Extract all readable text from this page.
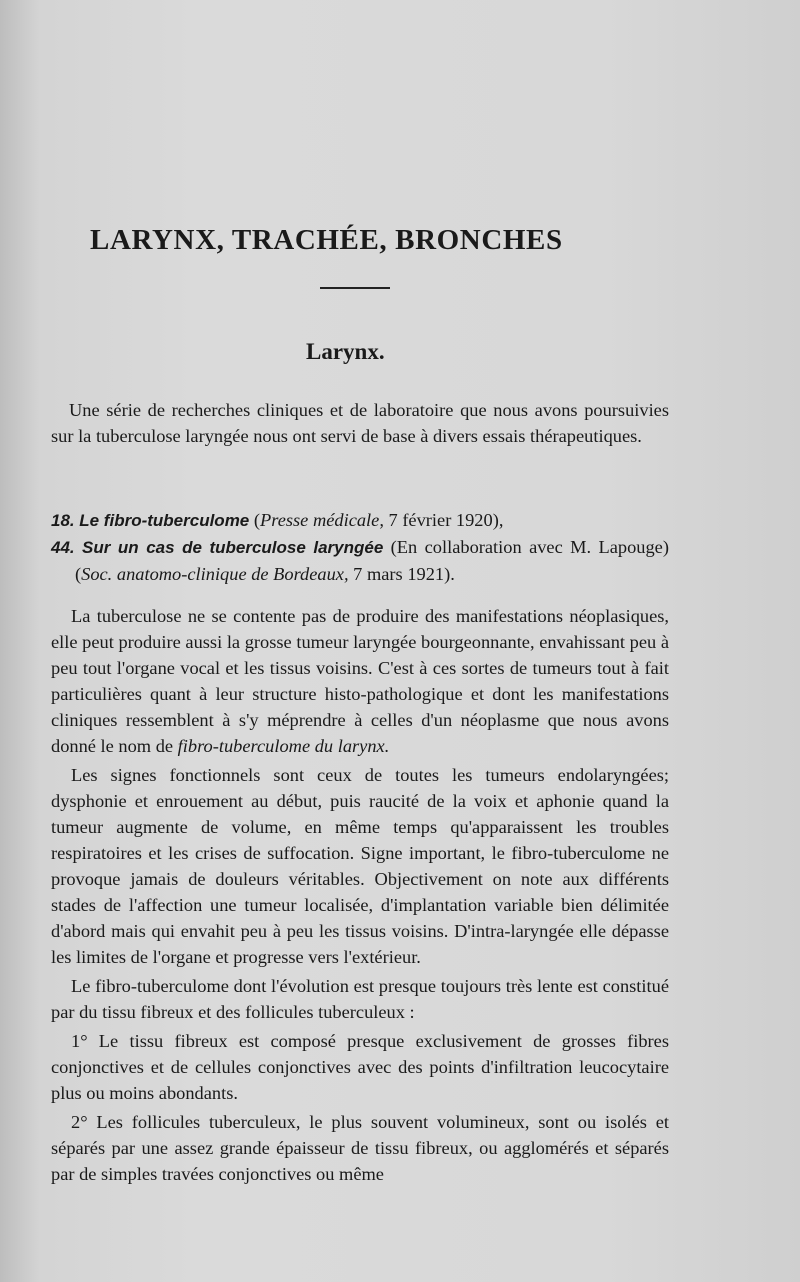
LARYNX, TRACHÉE, BRONCHES
Larynx.

Une série de recherches cliniques et de laboratoire que nous avons poursuivies sur la tuberculose laryngée nous ont servi de base à divers essais thérapeutiques.

18. Le fibro-tuberculome (Presse médicale, 7 février 1920),

44. Sur un cas de tuberculose laryngée (En collaboration avec M. Lapouge) (Soc. anatomo-clinique de Bordeaux, 7 mars 1921).

La tuberculose ne se contente pas de produire des manifestations néoplasiques, elle peut produire aussi la grosse tumeur laryngée bourgeonnante, envahissant peu à peu tout l'organe vocal et les tissus voisins. C'est à ces sortes de tumeurs tout à fait particulières quant à leur structure histo-pathologique et dont les manifestations cliniques ressemblent à s'y méprendre à celles d'un néoplasme que nous avons donné le nom de fibro-tuberculome du larynx.

Les signes fonctionnels sont ceux de toutes les tumeurs endolaryngées; dysphonie et enrouement au début, puis raucité de la voix et aphonie quand la tumeur augmente de volume, en même temps qu'apparaissent les troubles respiratoires et les crises de suffocation. Signe important, le fibro-tuberculome ne provoque jamais de douleurs véritables. Objectivement on note aux différents stades de l'affection une tumeur localisée, d'implantation variable bien délimitée d'abord mais qui envahit peu à peu les tissus voisins. D'intra-laryngée elle dépasse les limites de l'organe et progresse vers l'extérieur.

Le fibro-tuberculome dont l'évolution est presque toujours très lente est constitué par du tissu fibreux et des follicules tuberculeux :

1° Le tissu fibreux est composé presque exclusivement de grosses fibres conjonctives et de cellules conjonctives avec des points d'infiltration leucocytaire plus ou moins abondants.

2° Les follicules tuberculeux, le plus souvent volumineux, sont ou isolés et séparés par une assez grande épaisseur de tissu fibreux, ou agglomérés et séparés par de simples travées conjonctives ou même
